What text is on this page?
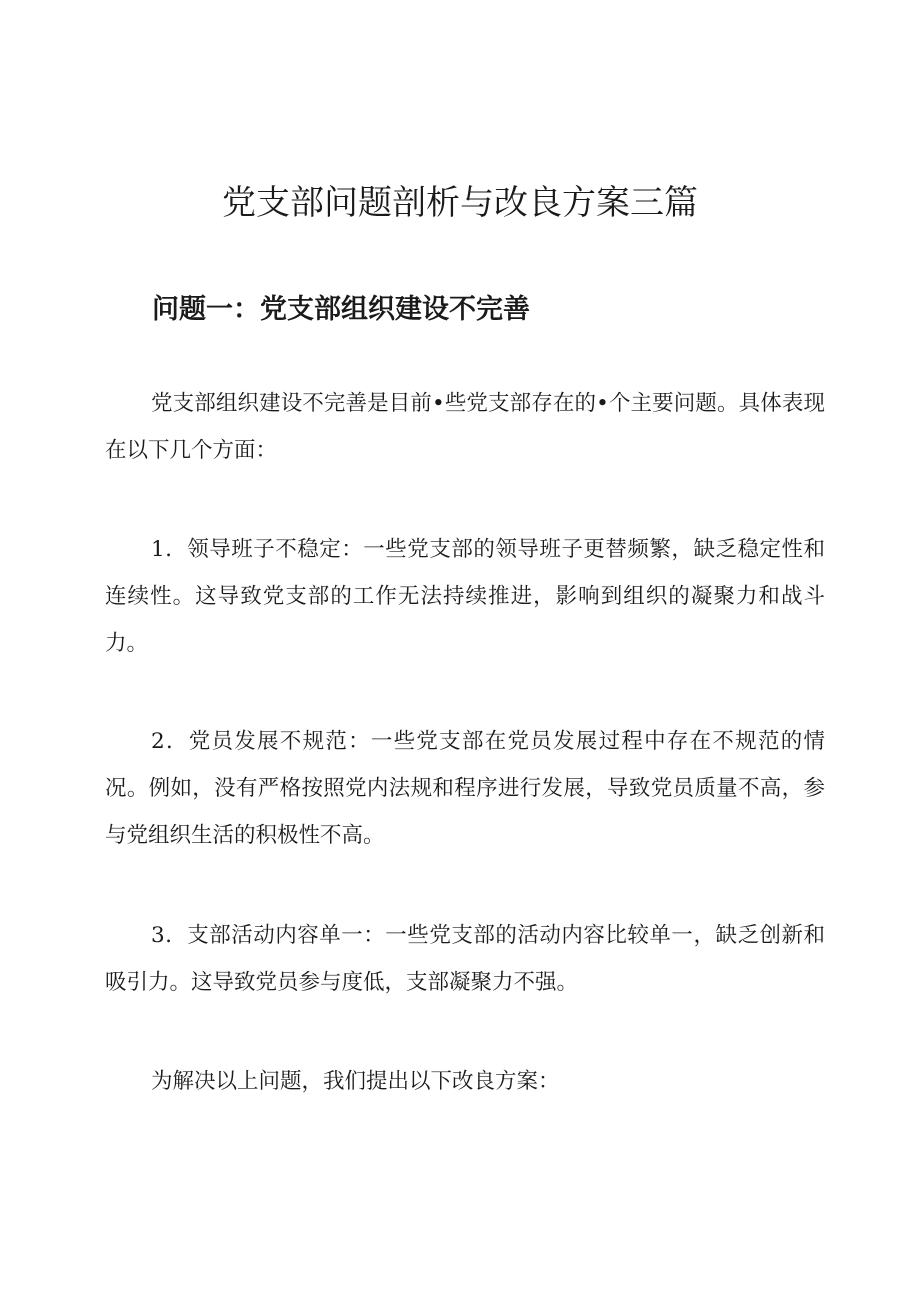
党支部问题剖析与改良方案三篇
问题一：党支部组织建设不完善

党支部组织建设不完善是目前•些党支部存在的•个主要问题。具体表现在以下几个方面：

1．领导班子不稳定：一些党支部的领导班子更替频繁，缺乏稳定性和连续性。这导致党支部的工作无法持续推进，影响到组织的凝聚力和战斗力。

2．党员发展不规范：一些党支部在党员发展过程中存在不规范的情况。例如，没有严格按照党内法规和程序进行发展，导致党员质量不高，参与党组织生活的积极性不高。

3．支部活动内容单一：一些党支部的活动内容比较单一，缺乏创新和吸引力。这导致党员参与度低，支部凝聚力不强。

为解决以上问题，我们提出以下改良方案：
